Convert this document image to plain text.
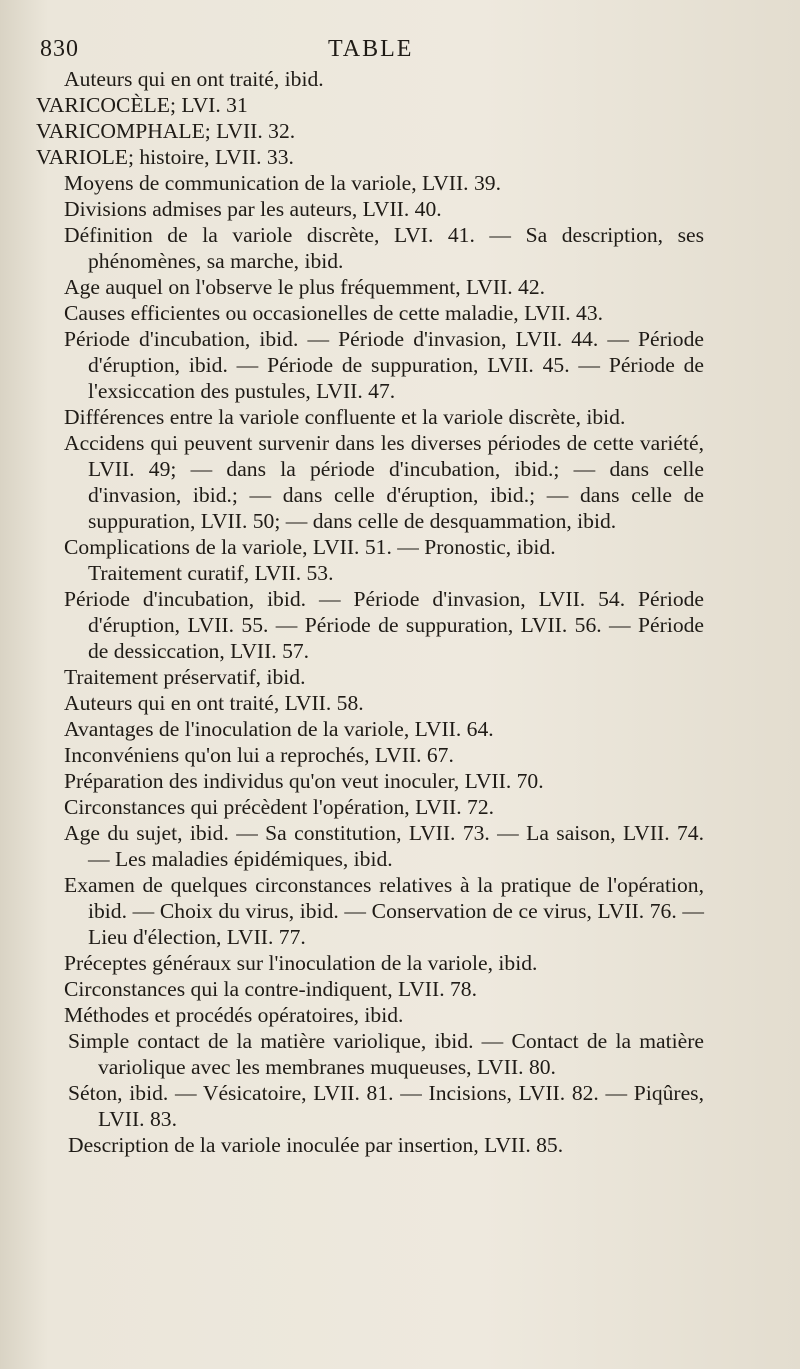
830	TABLE
Auteurs qui en ont traité, ibid.
VARICOCÈLE; LVI. 31
VARICOMPHALE; LVII. 32.
VARIOLE; histoire, LVII. 33.
Moyens de communication de la variole, LVII. 39.
Divisions admises par les auteurs, LVII. 40.
Définition de la variole discrète, LVI. 41. — Sa description, ses phénomènes, sa marche, ibid.
Age auquel on l'observe le plus fréquemment, LVII. 42.
Causes efficientes ou occasionelles de cette maladie, LVII. 43.
Période d'incubation, ibid. — Période d'invasion, LVII. 44. — Période d'éruption, ibid. — Période de suppuration, LVII. 45. — Période de l'exsiccation des pustules, LVII. 47.
Différences entre la variole confluente et la variole discrète, ibid.
Accidens qui peuvent survenir dans les diverses périodes de cette variété, LVII. 49; — dans la période d'incubation, ibid.; — dans celle d'invasion, ibid.; — dans celle d'éruption, ibid.; — dans celle de suppuration, LVII. 50; — dans celle de desquammation, ibid.
Complications de la variole, LVII. 51. — Pronostic, ibid.
Traitement curatif, LVII. 53.
Période d'incubation, ibid. — Période d'invasion, LVII. 54. Période d'éruption, LVII. 55. — Période de suppuration, LVII. 56. — Période de dessiccation, LVII. 57.
Traitement préservatif, ibid.
Auteurs qui en ont traité, LVII. 58.
Avantages de l'inoculation de la variole, LVII. 64.
Inconvéniens qu'on lui a reprochés, LVII. 67.
Préparation des individus qu'on veut inoculer, LVII. 70.
Circonstances qui précèdent l'opération, LVII. 72.
Age du sujet, ibid. — Sa constitution, LVII. 73. — La saison, LVII. 74. — Les maladies épidémiques, ibid.
Examen de quelques circonstances relatives à la pratique de l'opération, ibid. — Choix du virus, ibid. — Conservation de ce virus, LVII. 76. — Lieu d'élection, LVII. 77.
Préceptes généraux sur l'inoculation de la variole, ibid.
Circonstances qui la contre-indiquent, LVII. 78.
Méthodes et procédés opératoires, ibid.
Simple contact de la matière variolique, ibid. — Contact de la matière variolique avec les membranes muqueuses, LVII. 80.
Séton, ibid. — Vésicatoire, LVII. 81. — Incisions, LVII. 82. — Piqûres, LVII. 83.
Description de la variole inoculée par insertion, LVII. 85.
